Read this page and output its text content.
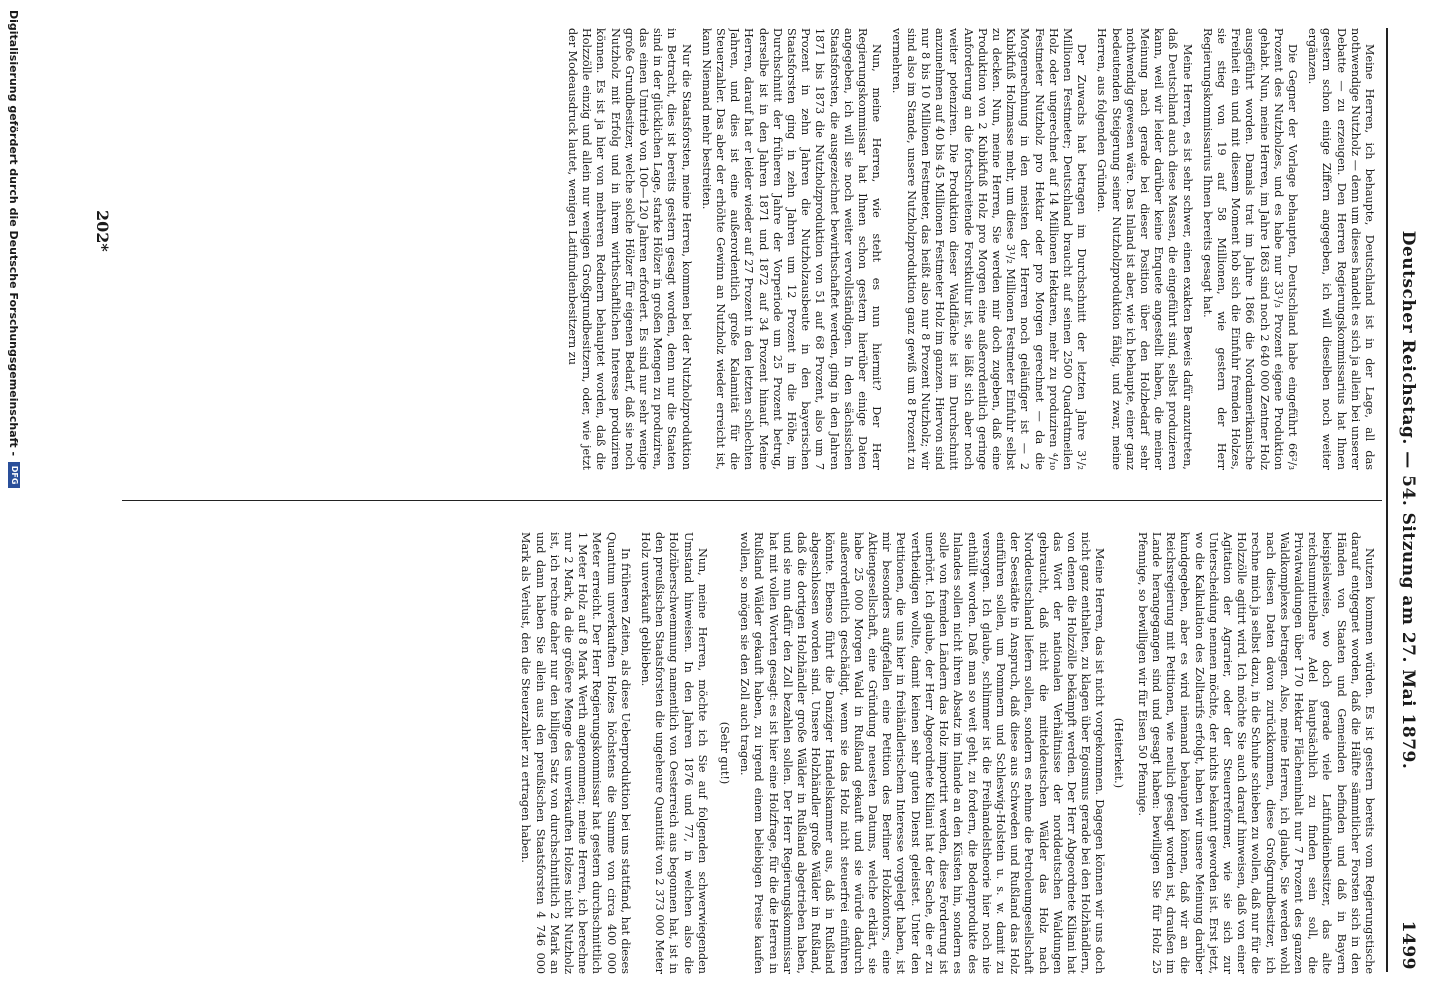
Deutscher Reichstag. — 54. Sitzung am 27. Mai 1879.
1499

Meine Herren, ich behaupte, Deutschland ist in der Lage, all das nothwendige Nutzholz — denn um dieses handelt es sich ja allein bei unserer Debatte — zu erzeugen. Den Herren Regierungskommissarius hat Ihnen gestern schon einige Ziffern angegeben, ich will dieselben noch weiter ergänzen.

Die Gegner der Vorlage behaupten, Deutschland habe eingeführt 66²/₃ Prozent des Nutzholzes, und es habe nur 33¹/₃ Prozent eigene Produktion gehabt. Nun, meine Herren, im Jahre 1863 sind noch 2 640 000 Zentner Holz ausgeführt worden. Damals trat im Jahre 1866 die Nordamerikanische Freiheit ein und mit diesem Moment hob sich die Einfuhr fremden Holzes, sie stieg von 19 auf 58 Millionen, wie gestern der Herr Regierungskommissarius Ihnen bereits gesagt hat.

Meine Herren, es ist sehr schwer, einen exakten Beweis dafür anzutreten, daß Deutschland auch diese Massen, die eingeführt sind, selbst produzieren kann, weil wir leider darüber keine Enquete angestellt haben, die meiner Meinung nach gerade bei dieser Position über den Holzbedarf sehr nothwendig gewesen wäre. Das Inland ist aber, wie ich behaupte, einer ganz bedeutenden Steigerung seiner Nutzholzproduktion fähig, und zwar, meine Herren, aus folgenden Gründen.

Der Zuwachs hat betragen im Durchschnitt der letzten Jahre 3¹/₂ Millionen Festmeter; Deutschland braucht auf seinen 2500 Quadratmeilen Holz oder ungerechnet auf 14 Millionen Hektaren, mehr zu produziren ⁴/₁₀ Festmeter Nutzholz pro Hektar oder pro Morgen gerechnet — da die Morgenrechnung in den meisten der Herren noch geläufiger ist — 2 Kubikfuß Holzmasse mehr, um diese 3¹/₂ Millionen Festmeter Einfuhr selbst zu decken. Nun, meine Herren, Sie werden mir doch zugeben, daß eine Produktion von 2 Kubikfuß Holz pro Morgen eine außerordentlich geringe Anforderung an die fortschreitende Forstkultur ist, sie läßt sich aber noch weiter potenziren. Die Produktion dieser Waldfläche ist im Durchschnitt anzunehmen auf 40 bis 45 Millionen Festmeter Holz im ganzen. Hiervon sind nur 8 bis 10 Millionen Festmeter, das heißt also nur 8 Prozent Nutzholz; wir sind also im Stande, unsere Nutzholzproduktion ganz gewiß um 8 Prozent zu vermehren.

Nun, meine Herren, wie steht es nun hiermit? Der Herr Regierungskommissar hat Ihnen schon gestern hierüber einige Daten angegeben, ich will sie noch weiter vervollständigen. In den sächsischen Staatsforsten, die ausgezeichnet bewirthschaftet werden, ging in den Jahren 1871 bis 1873 die Nutzholzproduktion von 51 auf 68 Prozent, also um 7 Prozent in zehn Jahren die Nutzholzausbeute in den bayerischen Staatsforsten ging in zehn Jahren um 12 Prozent in die Höhe, im Durchschnitt der früheren Jahre der Vorperiode um 25 Prozent betrug, derselbe ist in den Jahren 1871 und 1872 auf 34 Prozent hinauf. Meine Herren, darauf hat er leider wieder auf 27 Prozent in den letzten schlechten Jahren, und dies ist eine außerordentlich große Kalamität für die Steuerzahler. Das aber der erhöhte Gewinn an Nutzholz wieder erreicht ist, kann Niemand mehr bestreiten.

Nur die Staatsforsten, meine Herren, kommen bei der Nutzholzproduktion in Betracht, dies ist bereits gestern gesagt worden, denn nur die Staaten sind in der glücklichen Lage, starke Hölzer in großen Mengen zu produziren, das einen Umtrieb von 100—120 Jahren erfordert. Es sind nur sehr wenige große Grundbesitzer, welche solche Hölzer für eigenen Bedarf, daß sie noch Nutzholz mit Erfolg und in ihrem wirthschaftlichen Interesse produziren können. Es ist ja hier von mehreren Rednern behauptet worden, daß die Holzzölle einzig und allein nur wenigen Großgrundbesitzern, oder, wie jetzt der Modeausdruck lautet, wenigen Latifundienbesitzern zu

Nutzen kommen würden. Es ist gestern bereits vom Regierungstische darauf entgegnet worden, daß die Hälfte sämmtlicher Forsten sich in den Händen von Staaten und Gemeinden befinden und daß in Bayern beispielsweise, wo doch gerade viele Latifundienbesitzer, das alte reichsunmittelbare Adel hauptsächlich zu finden sein soll, die Privatwaldungen über 170 Hektar Flächeninhalt nur 7 Prozent des ganzen Waldkomplexes betragen. Also, meine Herren, ich glaube, Sie werden wohl nach diesen Daten davon zurückkommen, diese Großgrundbesitzer, ich rechne mich ja selbst dazu, in die Schuhe schieben zu wollen, daß nur für die Holzzölle agitirt wird. Ich möchte Sie auch darauf hinweisen, daß von einer Agitation der Agrarier, oder der Steuerreformer, wie sie sich zur Unterscheidung nennen möchte, der nichts bekannt geworden ist. Erst jetzt, wo die Kalkulation des Zolltarifs erfolgt, haben wir unsere Meinung darüber kundgegeben, aber es wird niemand behaupten können, daß wir an die Reichsregierung mit Petitionen, wie neulich gesagt worden ist, draußen im Lande herangegangen sind und gesagt haben: bewilligen Sie für Holz 25 Pfennige, so bewilligen wir für Eisen 50 Pfennige.

(Heiterkeit.)

Meine Herren, das ist nicht vorgekommen. Dagegen können wir uns doch nicht ganz enthalten, zu klagen über Egoismus gerade bei den Holzhändlern, von denen die Holzzölle bekämpft werden. Der Herr Abgeordnete Kiliani hat das Wort der nationalen Verhältnisse der norddeutschen Waldungen gebraucht, daß nicht die mitteldeutschen Wälder das Holz nach Norddeutschland liefern sollen, sondern es nehme die Petroleumgesellschaft der Seestädte in Anspruch, daß diese aus Schweden und Rußland das Holz einführen sollen, um Pommern und Schleswig-Holstein u. s. w. damit zu versorgen. Ich glaube, schlimmer ist die Freihandelstheorie hier noch nie enthüllt worden. Daß man so weit geht, zu fordern, die Bodenprodukte des Inlandes sollen nicht ihren Absatz im Inlande an den Küsten hin, sondern es solle von fremden Ländern das Holz importirt werden, diese Forderung ist unerhört. Ich glaube, der Herr Abgeordnete Kiliani hat der Sache, die er zu vertheidigen wollte, damit keinen sehr guten Dienst geleistet. Unter den Petitionen, die uns hier in freihändlerischem Interesse vorgelegt haben, ist mir besonders aufgefallen eine Petition des Berliner Holzkontors, eine Aktiengesellschaft, eine Gründung neuesten Datums, welche erklärt, sie habe 25 000 Morgen Wald in Rußland gekauft und sie würde dadurch außerordentlich geschädigt, wenn sie das Holz nicht steuerfrei einführen könnte. Ebenso führt die Danziger Handelskammer aus, daß in Rußland abgeschlossen worden sind. Unsere Holzhändler große Wälder in Rußland, daß die dortigen Holzhändler große Wälder in Rußland abgetrieben haben, und sie nun dafür den Zoll bezahlen sollen. Der Herr Regierungskommissar hat mit vollen Worten gesagt: es ist hier eine Holzfrage, für die die Herren in Rußland Wälder gekauft haben, zu irgend einem beliebigen Preise kaufen wollen, so mögen sie den Zoll auch tragen.

(Sehr gut!)

Nun, meine Herren, möchte ich Sie auf folgenden schwerwiegenden Umstand hinweisen. In den Jahren 1876 und 77, in welchen also die Holzüberschwemmung namentlich von Oesterreich aus begonnen hat, ist in den preußischen Staatsforsten die ungeheure Quantität von 2 373 000 Meter Holz unverkauft geblieben.

In früheren Zeiten, als diese Ueberproduktion bei uns stattfand, hat dieses Quantum unverkauften Holzes höchstens die Summe von circa 400 000 Meter erreicht. Der Herr Regierungskommissar hat gestern durchschnittlich 1 Meter Holz auf 8 Mark Werth angenommen; meine Herren, ich berechne nur 2 Mark, da die größere Menge des unverkauften Holzes nicht Nutzholz ist, ich rechne daher nur den billigen Satz von durchschnittlich 2 Mark an und dann haben Sie allein aus den preußischen Staatsforsten 4 746 000 Mark als Verlust, den die Steuerzahler zu ertragen haben.

202*
Digitalisierung gefördert durch die Deutsche Forschungsgemeinschaft -
DFG
